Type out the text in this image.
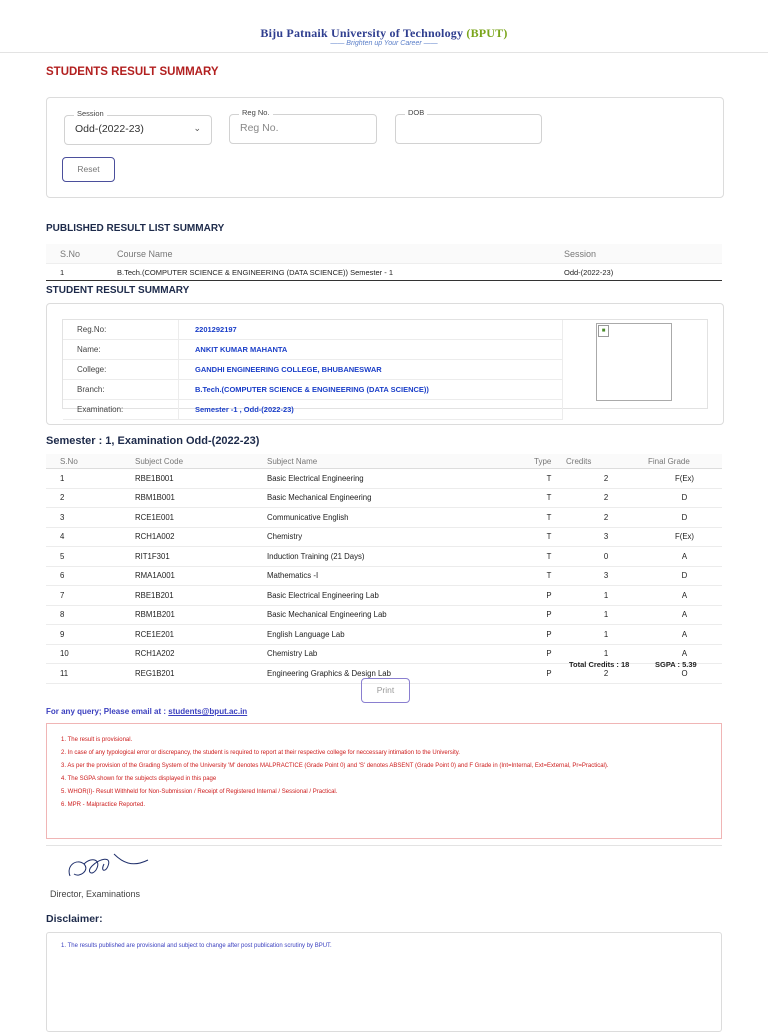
Biju Patnaik University of Technology (BPUT)
—— Brighten up Your Career ——
STUDENTS RESULT SUMMARY
Session
Odd-(2022-23)	⌄
Reg No.
Reg No.
DOB
Reset
PUBLISHED RESULT LIST SUMMARY
S.No	Course Name	Session
1	B.Tech.(COMPUTER SCIENCE & ENGINEERING (DATA SCIENCE)) Semester - 1	Odd-(2022-23)
STUDENT RESULT SUMMARY
Reg.No:	2201292197
Name:	ANKIT KUMAR MAHANTA
College:	GANDHI ENGINEERING COLLEGE, BHUBANESWAR
Branch:	B.Tech.(COMPUTER SCIENCE & ENGINEERING (DATA SCIENCE))
Examination:	Semester -1 , Odd-(2022-23)
■
Semester : 1, Examination Odd-(2022-23)
S.No	Subject Code	Subject Name	Type	Credits	Final Grade
1	RBE1B001	Basic Electrical Engineering	T	2	F(Ex)
2	RBM1B001	Basic Mechanical Engineering	T	2	D
3	RCE1E001	Communicative English	T	2	D
4	RCH1A002	Chemistry	T	3	F(Ex)
5	RIT1F301	Induction Training (21 Days)	T	0	A
6	RMA1A001	Mathematics -I	T	3	D
7	RBE1B201	Basic Electrical Engineering Lab	P	1	A
8	RBM1B201	Basic Mechanical Engineering Lab	P	1	A
9	RCE1E201	English Language Lab	P	1	A
10	RCH1A202	Chemistry Lab	P	1	A
11	REG1B201	Engineering Graphics & Design Lab	P	2	O
Total Credits : 18	SGPA : 5.39
Print
For any query; Please email at : students@bput.ac.in
1. The result is provisional.
2. In case of any typological error or discrepancy, the student is required to report at their respective college for neccessary intimation to the University.
3. As per the provision of the Grading System of the University 'M' denotes MALPRACTICE (Grade Point 0) and 'S' denotes ABSENT (Grade Point 0) and F Grade in (Int=Internal, Ext=External, Pr=Practical).
4. The SGPA shown for the subjects displayed in this page
5. WHOR(I)- Result Withheld for Non-Submission / Receipt of Registered Internal / Sessional / Practical.
6. MPR - Malpractice Reported.
Director, Examinations
Disclaimer:
1. The results published are provisional and subject to change after post publication scrutiny by BPUT.
